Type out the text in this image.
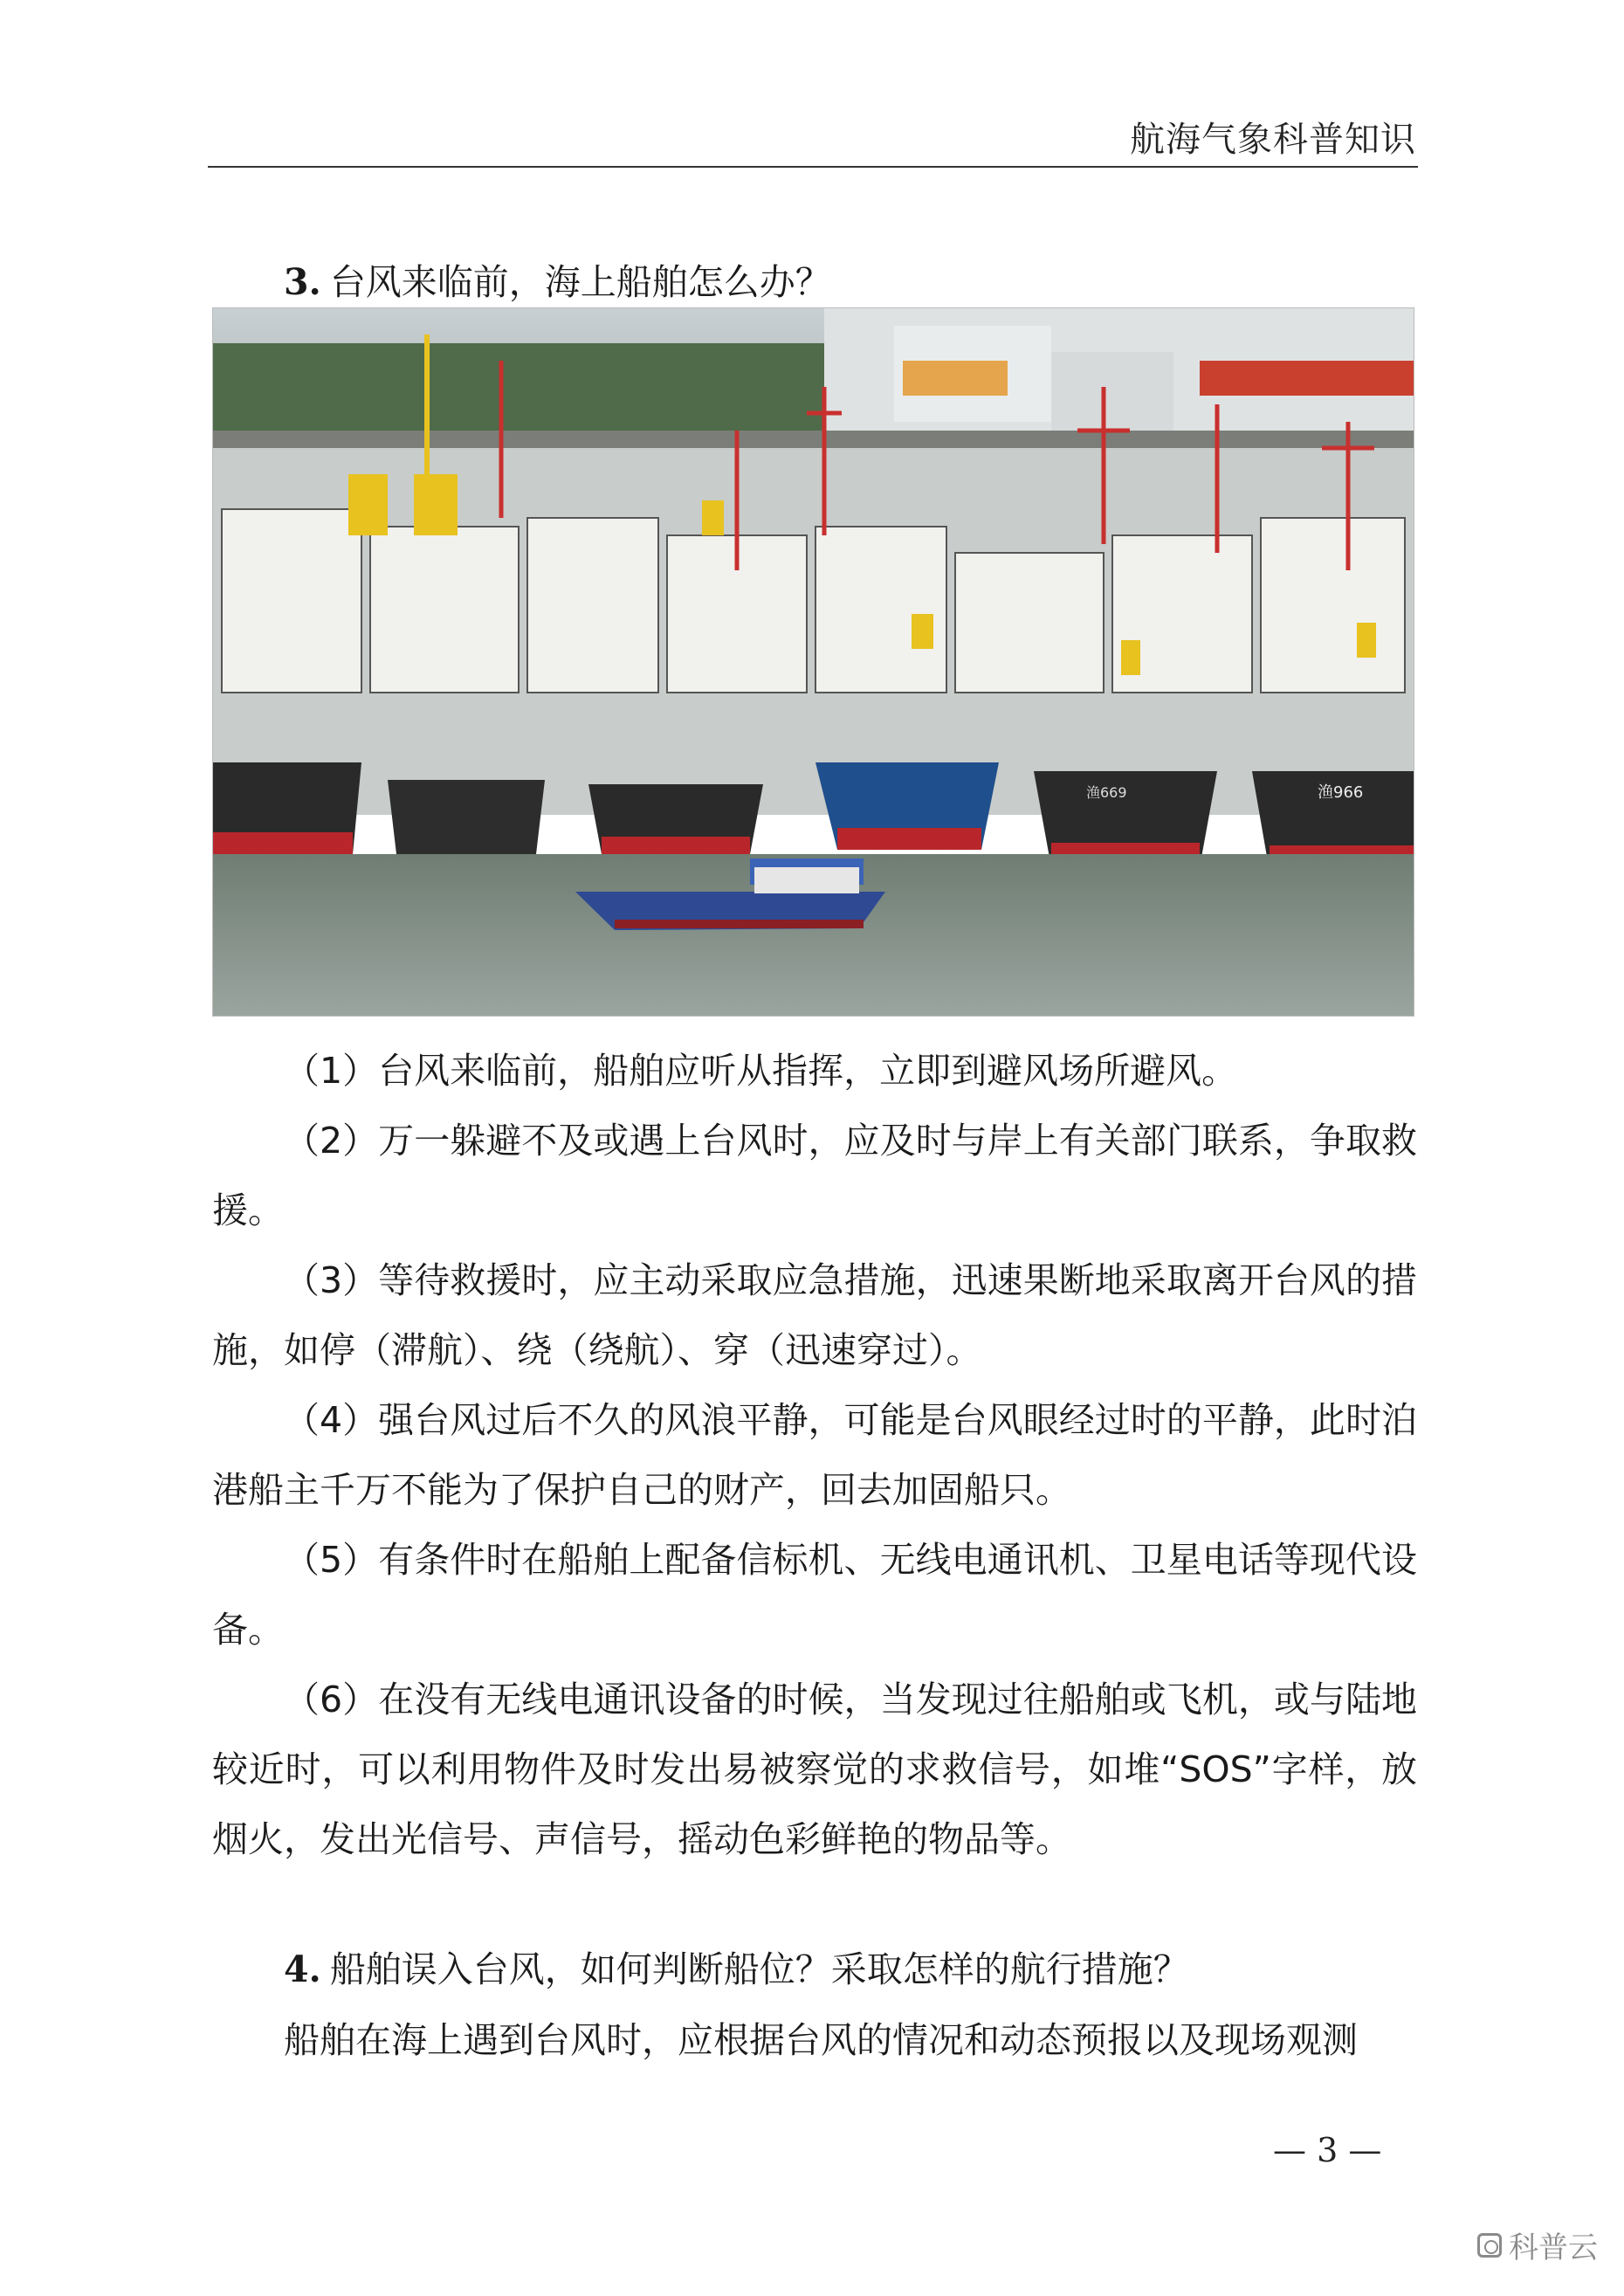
航海气象科普知识
3. 台风来临前，海上船舶怎么办？
渔669	渔966

（1）台风来临前，船舶应听从指挥，立即到避风场所避风。

（2）万一躲避不及或遇上台风时，应及时与岸上有关部门联系，争取救援。

（3）等待救援时，应主动采取应急措施，迅速果断地采取离开台风的措施，如停（滞航）、绕（绕航）、穿（迅速穿过）。

（4）强台风过后不久的风浪平静，可能是台风眼经过时的平静，此时泊港船主千万不能为了保护自己的财产，回去加固船只。

（5）有条件时在船舶上配备信标机、无线电通讯机、卫星电话等现代设备。

（6）在没有无线电通讯设备的时候，当发现过往船舶或飞机，或与陆地较近时，可以利用物件及时发出易被察觉的求救信号，如堆“SOS”字样，放烟火，发出光信号、声信号，摇动色彩鲜艳的物品等。

4. 船舶误入台风，如何判断船位？采取怎样的航行措施？

船舶在海上遇到台风时，应根据台风的情况和动态预报以及现场观测

— 3 —
科普云
